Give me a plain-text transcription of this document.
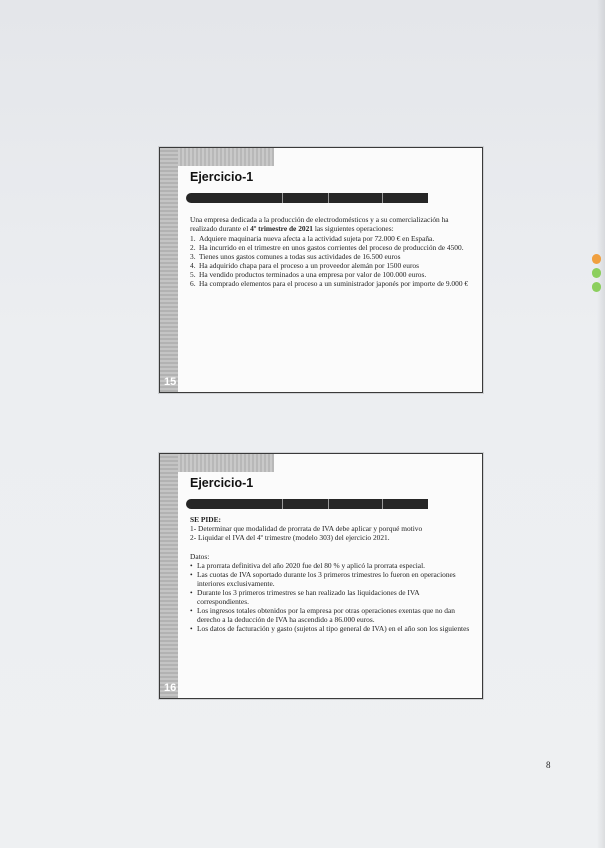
Ejercicio-1

Una empresa dedicada a la producción de electrodomésticos y a su comercialización ha realizado durante el 4º trimestre de 2021 las siguientes operaciones:

1. Adquiere maquinaria nueva afecta a la actividad sujeta por 72.000 € en España.
2. Ha incurrido en el trimestre en unos gastos corrientes del proceso de producción de 4500.
3. Tienes unos gastos comunes a todas sus actividades de 16.500 euros
4. Ha adquirido chapa para el proceso a un proveedor alemán por 1500 euros
5. Ha vendido productos terminados a una empresa por valor de 100.000 euros.
6. Ha comprado elementos para el proceso a un suministrador japonés por importe de 9.000 €
15
Ejercicio-1

SE PIDE:

1- Determinar que modalidad de prorrata de IVA debe aplicar y porqué motivo

2- Liquidar el IVA del 4º trimestre (modelo 303) del ejercicio 2021.

Datos:

• La prorrata definitiva del año 2020 fue del 80 % y aplicó la prorrata especial.
• Las cuotas de IVA soportado durante los 3 primeros trimestres lo fueron en operaciones interiores exclusivamente.
• Durante los 3 primeros trimestres se han realizado las liquidaciones de IVA correspondientes.
• Los ingresos totales obtenidos por la empresa por otras operaciones exentas que no dan derecho a la deducción de IVA ha ascendido a 86.000 euros.
• Los datos de facturación y gasto (sujetos al tipo general de IVA) en el año son los siguientes
16
8
